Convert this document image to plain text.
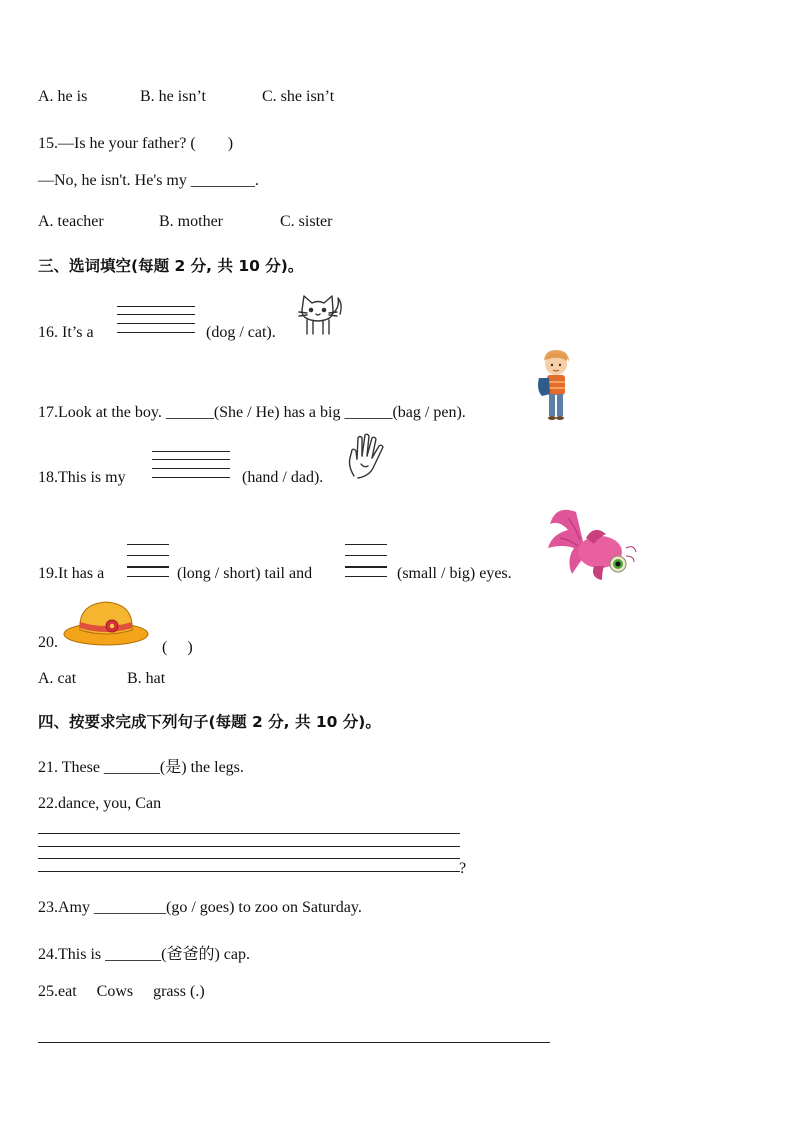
A. he is	B. he isn’t	C. she isn’t
15.—Is he your father? (　　)
—No, he isn't. He's my ________.
A. teacher	B. mother	C. sister
三、选词填空(每题 2 分, 共 10 分)。
16. It’s a	(dog / cat).
17.Look at the boy. ______(She / He) has a big ______(bag / pen).
18.This is my	(hand / dad).
19.It has a	(long / short) tail and	(small / big) eyes.
20.	(　 )
A. cat	B. hat
四、按要求完成下列句子(每题 2 分, 共 10 分)。
21. These _______(是) the legs.
22.dance, you, Can
?
23.Amy _________(go / goes) to zoo on Saturday.
24.This is _______(爸爸的) cap.
25.eat     Cows     grass (.)
